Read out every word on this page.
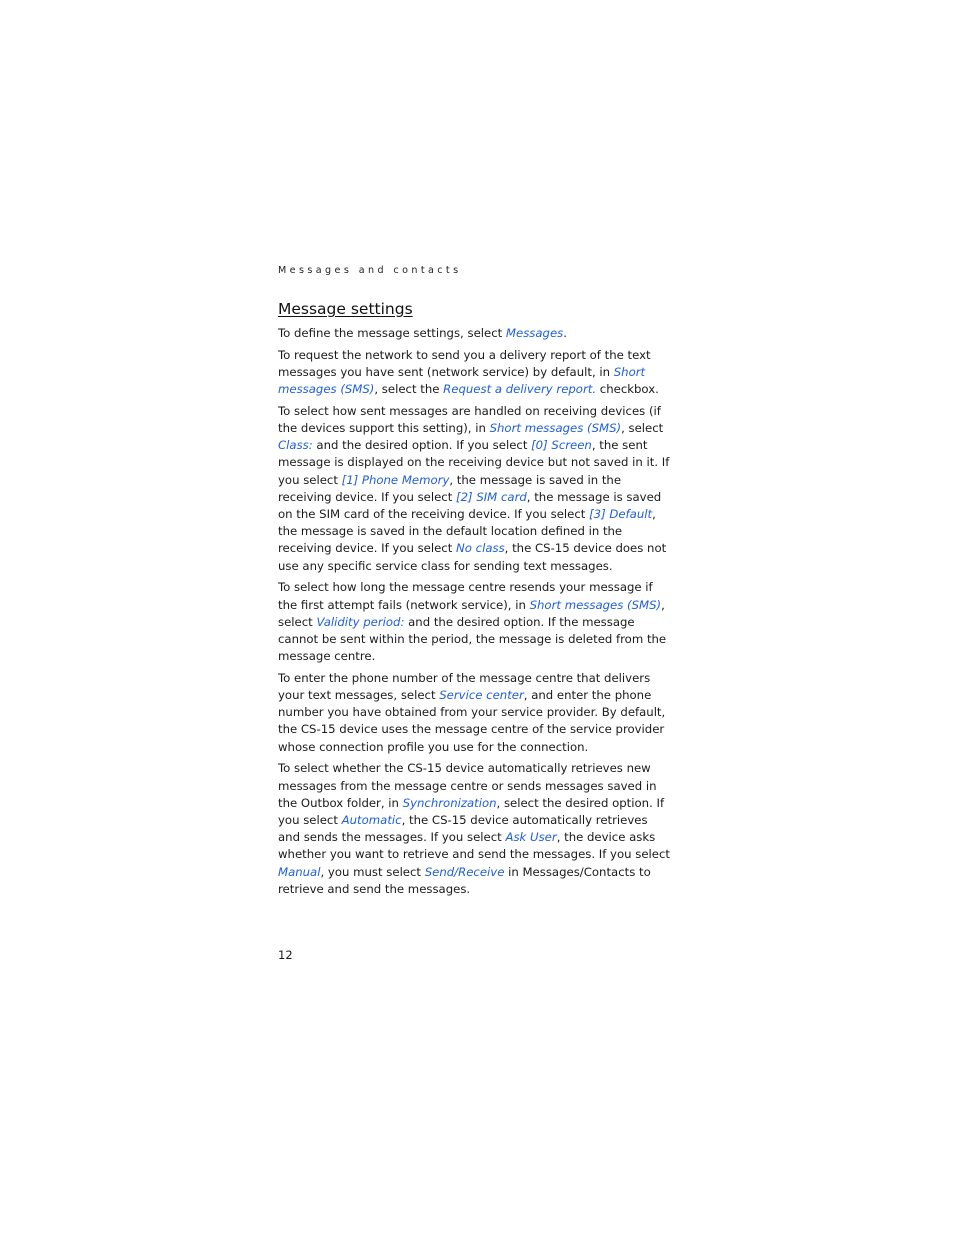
Messages and contacts
Message settings

To define the message settings, select Messages.

To request the network to send you a delivery report of the text messages you have sent (network service) by default, in Short messages (SMS), select the Request a delivery report. checkbox.

To select how sent messages are handled on receiving devices (if the devices support this setting), in Short messages (SMS), select Class: and the desired option. If you select [0] Screen, the sent message is displayed on the receiving device but not saved in it. If you select [1] Phone Memory, the message is saved in the receiving device. If you select [2] SIM card, the message is saved on the SIM card of the receiving device. If you select [3] Default, the message is saved in the default location defined in the receiving device. If you select No class, the CS-15 device does not use any specific service class for sending text messages.

To select how long the message centre resends your message if the first attempt fails (network service), in Short messages (SMS), select Validity period: and the desired option. If the message cannot be sent within the period, the message is deleted from the message centre.

To enter the phone number of the message centre that delivers your text messages, select Service center, and enter the phone number you have obtained from your service provider. By default, the CS-15 device uses the message centre of the service provider whose connection profile you use for the connection.

To select whether the CS-15 device automatically retrieves new messages from the message centre or sends messages saved in the Outbox folder, in Synchronization, select the desired option. If you select Automatic, the CS-15 device automatically retrieves and sends the messages. If you select Ask User, the device asks whether you want to retrieve and send the messages. If you select Manual, you must select Send/Receive in Messages/Contacts to retrieve and send the messages.

12
